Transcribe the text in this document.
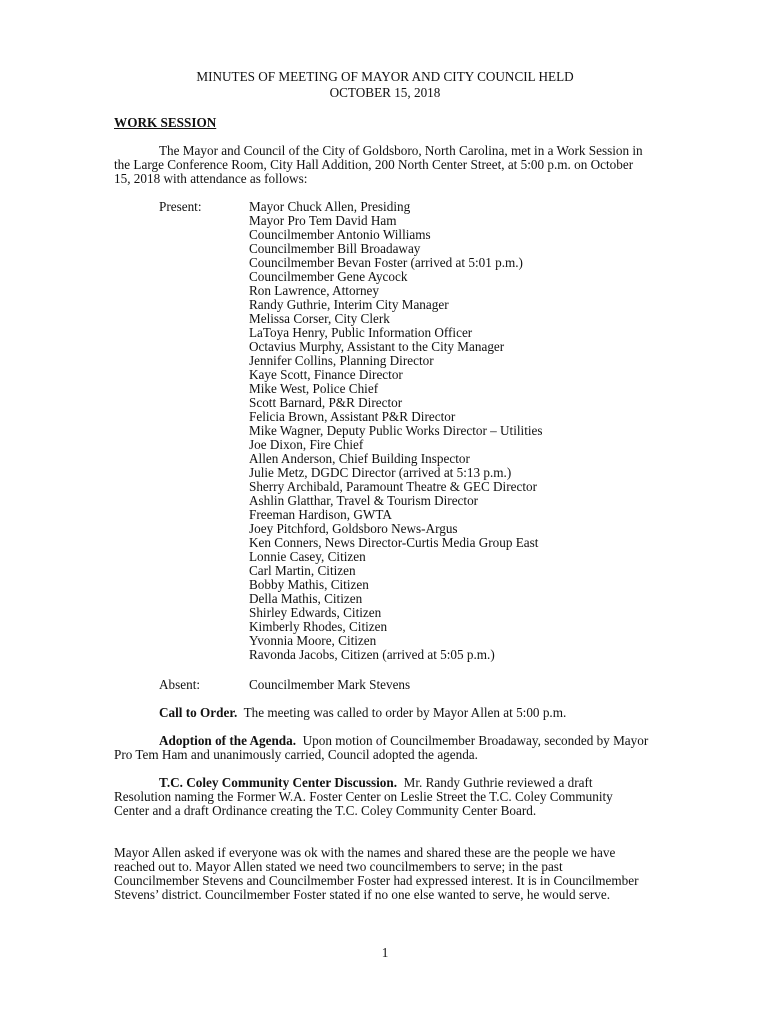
MINUTES OF MEETING OF MAYOR AND CITY COUNCIL HELD
OCTOBER 15, 2018
WORK SESSION
The Mayor and Council of the City of Goldsboro, North Carolina, met in a Work Session in the Large Conference Room, City Hall Addition, 200 North Center Street, at 5:00 p.m. on October 15, 2018 with attendance as follows:
Present:	Mayor Chuck Allen, Presiding
Mayor Pro Tem David Ham
Councilmember Antonio Williams
Councilmember Bill Broadaway
Councilmember Bevan Foster (arrived at 5:01 p.m.)
Councilmember Gene Aycock
Ron Lawrence, Attorney
Randy Guthrie, Interim City Manager
Melissa Corser, City Clerk
LaToya Henry, Public Information Officer
Octavius Murphy, Assistant to the City Manager
Jennifer Collins, Planning Director
Kaye Scott, Finance Director
Mike West, Police Chief
Scott Barnard, P&R Director
Felicia Brown, Assistant P&R Director
Mike Wagner, Deputy Public Works Director – Utilities
Joe Dixon, Fire Chief
Allen Anderson, Chief Building Inspector
Julie Metz, DGDC Director (arrived at 5:13 p.m.)
Sherry Archibald, Paramount Theatre & GEC Director
Ashlin Glatthar, Travel & Tourism Director
Freeman Hardison, GWTA
Joey Pitchford, Goldsboro News-Argus
Ken Conners, News Director-Curtis Media Group East
Lonnie Casey, Citizen
Carl Martin, Citizen
Bobby Mathis, Citizen
Della Mathis, Citizen
Shirley Edwards, Citizen
Kimberly Rhodes, Citizen
Yvonnia Moore, Citizen
Ravonda Jacobs, Citizen (arrived at 5:05 p.m.)
Absent:	Councilmember Mark Stevens
Call to Order. The meeting was called to order by Mayor Allen at 5:00 p.m.
Adoption of the Agenda. Upon motion of Councilmember Broadaway, seconded by Mayor Pro Tem Ham and unanimously carried, Council adopted the agenda.
T.C. Coley Community Center Discussion. Mr. Randy Guthrie reviewed a draft Resolution naming the Former W.A. Foster Center on Leslie Street the T.C. Coley Community Center and a draft Ordinance creating the T.C. Coley Community Center Board.
Mayor Allen asked if everyone was ok with the names and shared these are the people we have reached out to. Mayor Allen stated we need two councilmembers to serve; in the past Councilmember Stevens and Councilmember Foster had expressed interest. It is in Councilmember Stevens’ district. Councilmember Foster stated if no one else wanted to serve, he would serve.
1
